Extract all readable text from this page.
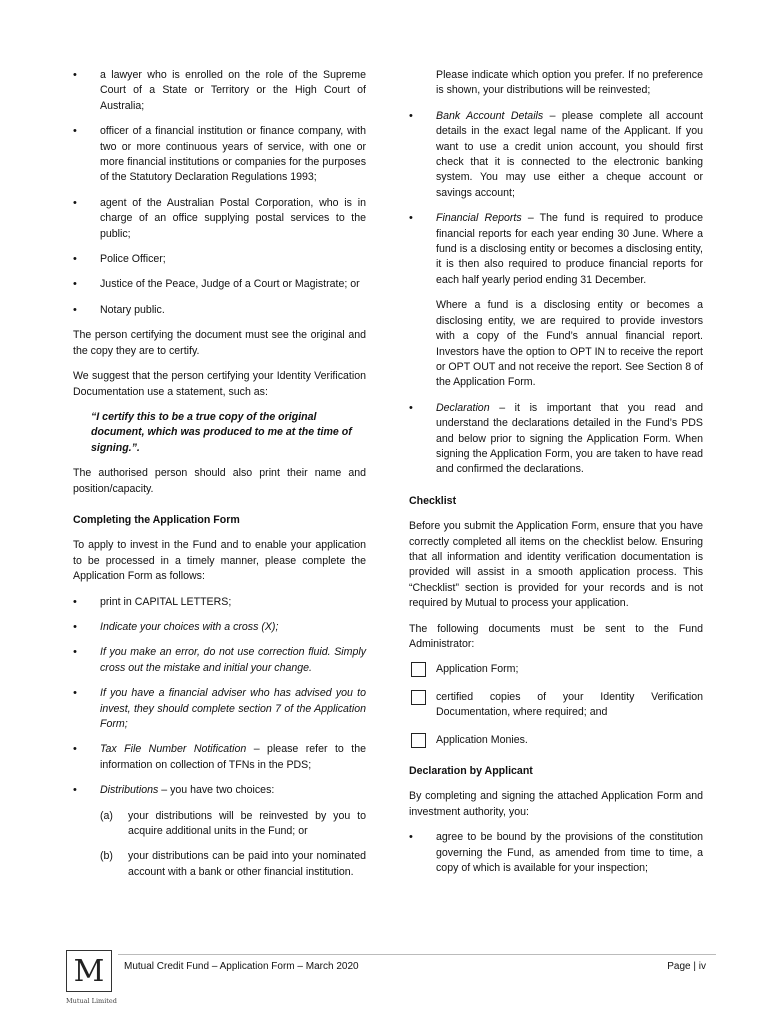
• a lawyer who is enrolled on the role of the Supreme Court of a State or Territory or the High Court of Australia;
• officer of a financial institution or finance company, with two or more continuous years of service, with one or more financial institutions or companies for the purposes of the Statutory Declaration Regulations 1993;
• agent of the Australian Postal Corporation, who is in charge of an office supplying postal services to the public;
• Police Officer;
• Justice of the Peace, Judge of a Court or Magistrate; or
• Notary public.

The person certifying the document must see the original and the copy they are to certify.

We suggest that the person certifying your Identity Verification Documentation use a statement, such as:

“I certify this to be a true copy of the original document, which was produced to me at the time of signing.”.

The authorised person should also print their name and position/capacity.

Completing the Application Form

To apply to invest in the Fund and to enable your application to be processed in a timely manner, please complete the Application Form as follows:

• print in CAPITAL LETTERS;
• Indicate your choices with a cross (X);
• If you make an error, do not use correction fluid. Simply cross out the mistake and initial your change.
• If you have a financial adviser who has advised you to invest, they should complete section 7 of the Application Form;
• Tax File Number Notification – please refer to the information on collection of TFNs in the PDS;
• Distributions – you have two choices:
(a) your distributions will be reinvested by you to acquire additional units in the Fund; or
(b) your distributions can be paid into your nominated account with a bank or other financial institution.

Please indicate which option you prefer. If no preference is shown, your distributions will be reinvested;

• Bank Account Details – please complete all account details in the exact legal name of the Applicant. If you want to use a credit union account, you should first check that it is connected to the electronic banking system. You may use either a cheque account or savings account;
• Financial Reports – The fund is required to produce financial reports for each year ending 30 June. Where a fund is a disclosing entity or becomes a disclosing entity, it is then also required to produce financial reports for each half yearly period ending 31 December.

Where a fund is a disclosing entity or becomes a disclosing entity, we are required to provide investors with a copy of the Fund’s annual financial report. Investors have the option to OPT IN to receive the report or OPT OUT and not receive the report. See Section 8 of the Application Form.

• Declaration – it is important that you read and understand the declarations detailed in the Fund’s PDS and below prior to signing the Application Form. When signing the Application Form, you are taken to have read and confirmed the declarations.
Checklist

Before you submit the Application Form, ensure that you have correctly completed all items on the checklist below. Ensuring that all information and identity verification documentation is provided will assist in a smooth application process. This “Checklist” section is provided for your records and is not required by Mutual to process your application.

The following documents must be sent to the Fund Administrator:

Application Form;
certified copies of your Identity Verification Documentation, where required; and
Application Monies.
Declaration by Applicant

By completing and signing the attached Application Form and investment authority, you:

• agree to be bound by the provisions of the constitution governing the Fund, as amended from time to time, a copy of which is available for your inspection;
M
Mutual Limited
Mutual Credit Fund – Application Form – March 2020	Page | iv
